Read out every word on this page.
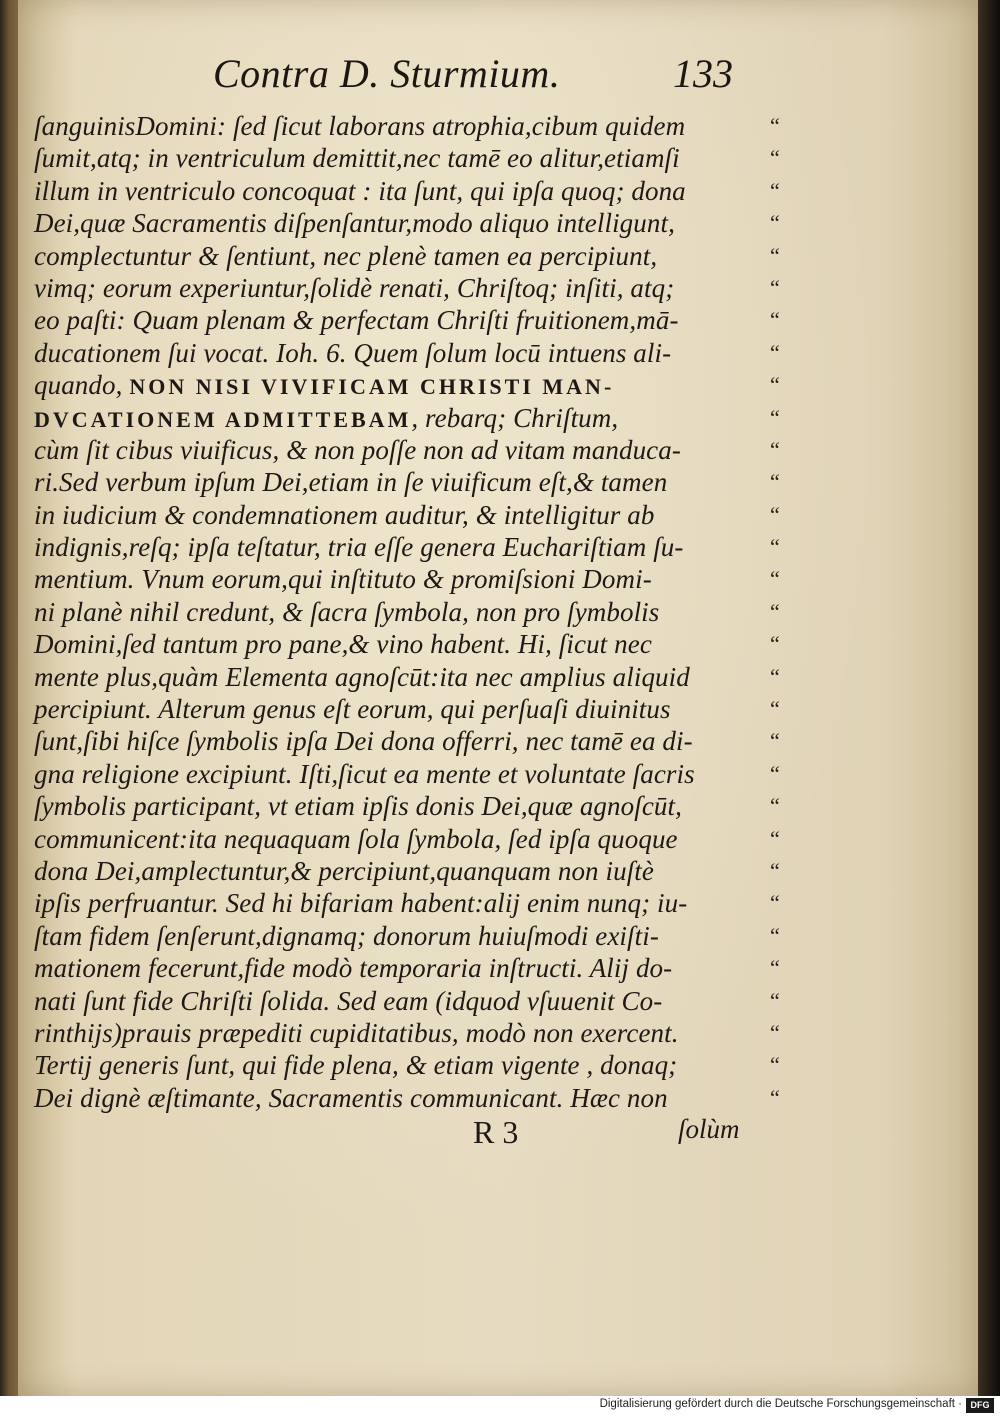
Contra D. Sturmium.	133
ſanguinisDomini: ſed ſicut laborans atrophia,cibum quidem
ſumit,atq; in ventriculum demittit,nec tamē eo alitur,etiamſi
illum in ventriculo concoquat : ita ſunt, qui ipſa quoq; dona
Dei,quæ Sacramentis diſpenſantur,modo aliquo intelligunt,
complectuntur & ſentiunt, nec plenè tamen ea percipiunt,
vimq; eorum experiuntur,ſolidè renati, Chriſtoq; inſiti, atq;
eo paſti: Quam plenam & perfectam Chriſti fruitionem,mā-
ducationem ſui vocat. Ioh. 6. Quem ſolum locū intuens ali-
quando, NON NISI VIVIFICAM CHRISTI MAN-
DVCATIONEM ADMITTEBAM, rebarq; Chriſtum,
cùm ſit cibus viuificus, & non poſſe non ad vitam manduca-
ri.Sed verbum ipſum Dei,etiam in ſe viuificum eſt,& tamen
in iudicium & condemnationem auditur, & intelligitur ab
indignis,reſq; ipſa teſtatur, tria eſſe genera Euchariſtiam ſu-
mentium. Vnum eorum,qui inſtituto & promiſsioni Domi-
ni planè nihil credunt, & ſacra ſymbola, non pro ſymbolis
Domini,ſed tantum pro pane,& vino habent. Hi, ſicut nec
mente plus,quàm Elementa agnoſcūt:ita nec amplius aliquid
percipiunt. Alterum genus eſt eorum, qui perſuaſi diuinitus
ſunt,ſibi hiſce ſymbolis ipſa Dei dona offerri, nec tamē ea di-
gna religione excipiunt. Iſti,ſicut ea mente et voluntate ſacris
ſymbolis participant, vt etiam ipſis donis Dei,quæ agnoſcūt,
communicent:ita nequaquam ſola ſymbola, ſed ipſa quoque
dona Dei,amplectuntur,& percipiunt,quanquam non iuſtè
ipſis perfruantur. Sed hi bifariam habent:alij enim nunq; iu-
ſtam fidem ſenſerunt,dignamq; donorum huiuſmodi exiſti-
mationem fecerunt,fide modò temporaria inſtructi. Alij do-
nati ſunt fide Chriſti ſolida. Sed eam (idquod vſuuenit Co-
rinthijs)prauis præpediti cupiditatibus, modò non exercent.
Tertij generis ſunt, qui fide plena, & etiam vigente , donaq;
Dei dignè æſtimante, Sacramentis communicant. Hæc non
“
“
“
“
“
“
“
“
“
“
“
“
“
“
“
“
“
“
“
“
“
“
“
“
“
“
“
“
“
“
“
R 3	ſolùm
Digitalisierung gefördert durch die Deutsche Forschungsgemeinschaft · DFG
